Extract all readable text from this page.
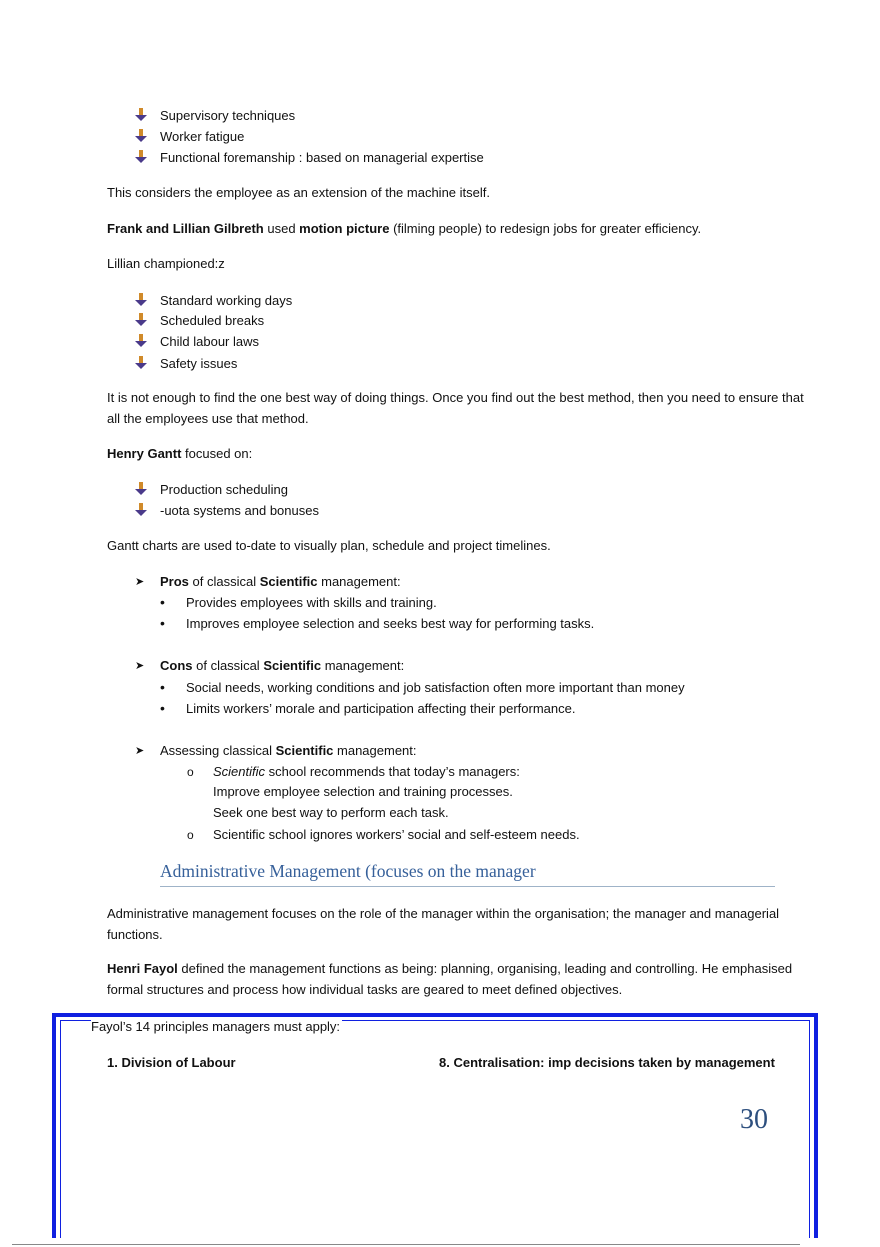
Supervisory techniques
Worker fatigue
Functional foremanship : based on managerial expertise
This considers the employee as an extension of the machine itself.
Frank and Lillian Gilbreth used motion picture (filming people) to redesign jobs for greater efficiency.
Lillian championed:z
Standard working days
Scheduled breaks
Child labour laws
Safety issues
It is not enough to find the one best way of doing things. Once you find out the best method, then you need to ensure that all the employees use that method.
Henry Gantt focused on:
Production scheduling
-uota systems and bonuses
Gantt charts are used to-date to visually plan, schedule and project timelines.
➤ Pros of classical Scientific management:
• Provides employees with skills and training.
• Improves employee selection and seeks best way for performing tasks.
➤ Cons of classical Scientific management:
• Social needs, working conditions and job satisfaction often more important than money
• Limits workers’ morale and participation affecting their performance.
➤ Assessing classical Scientific management:
o Scientific school recommends that today’s managers:
Improve employee selection and training processes.
Seek one best way to perform each task.
o Scientific school ignores workers’ social and self-esteem needs.
Administrative Management (focuses on the manager
Administrative management focuses on the role of the manager within the organisation; the manager and managerial functions.
Henri Fayol defined the management functions as being: planning, organising, leading and controlling. He emphasised formal structures and process how individual tasks are geared to meet defined objectives.
Fayol’s 14 principles managers must apply:
1. Division of Labour	8. Centralisation: imp decisions taken by management
30
